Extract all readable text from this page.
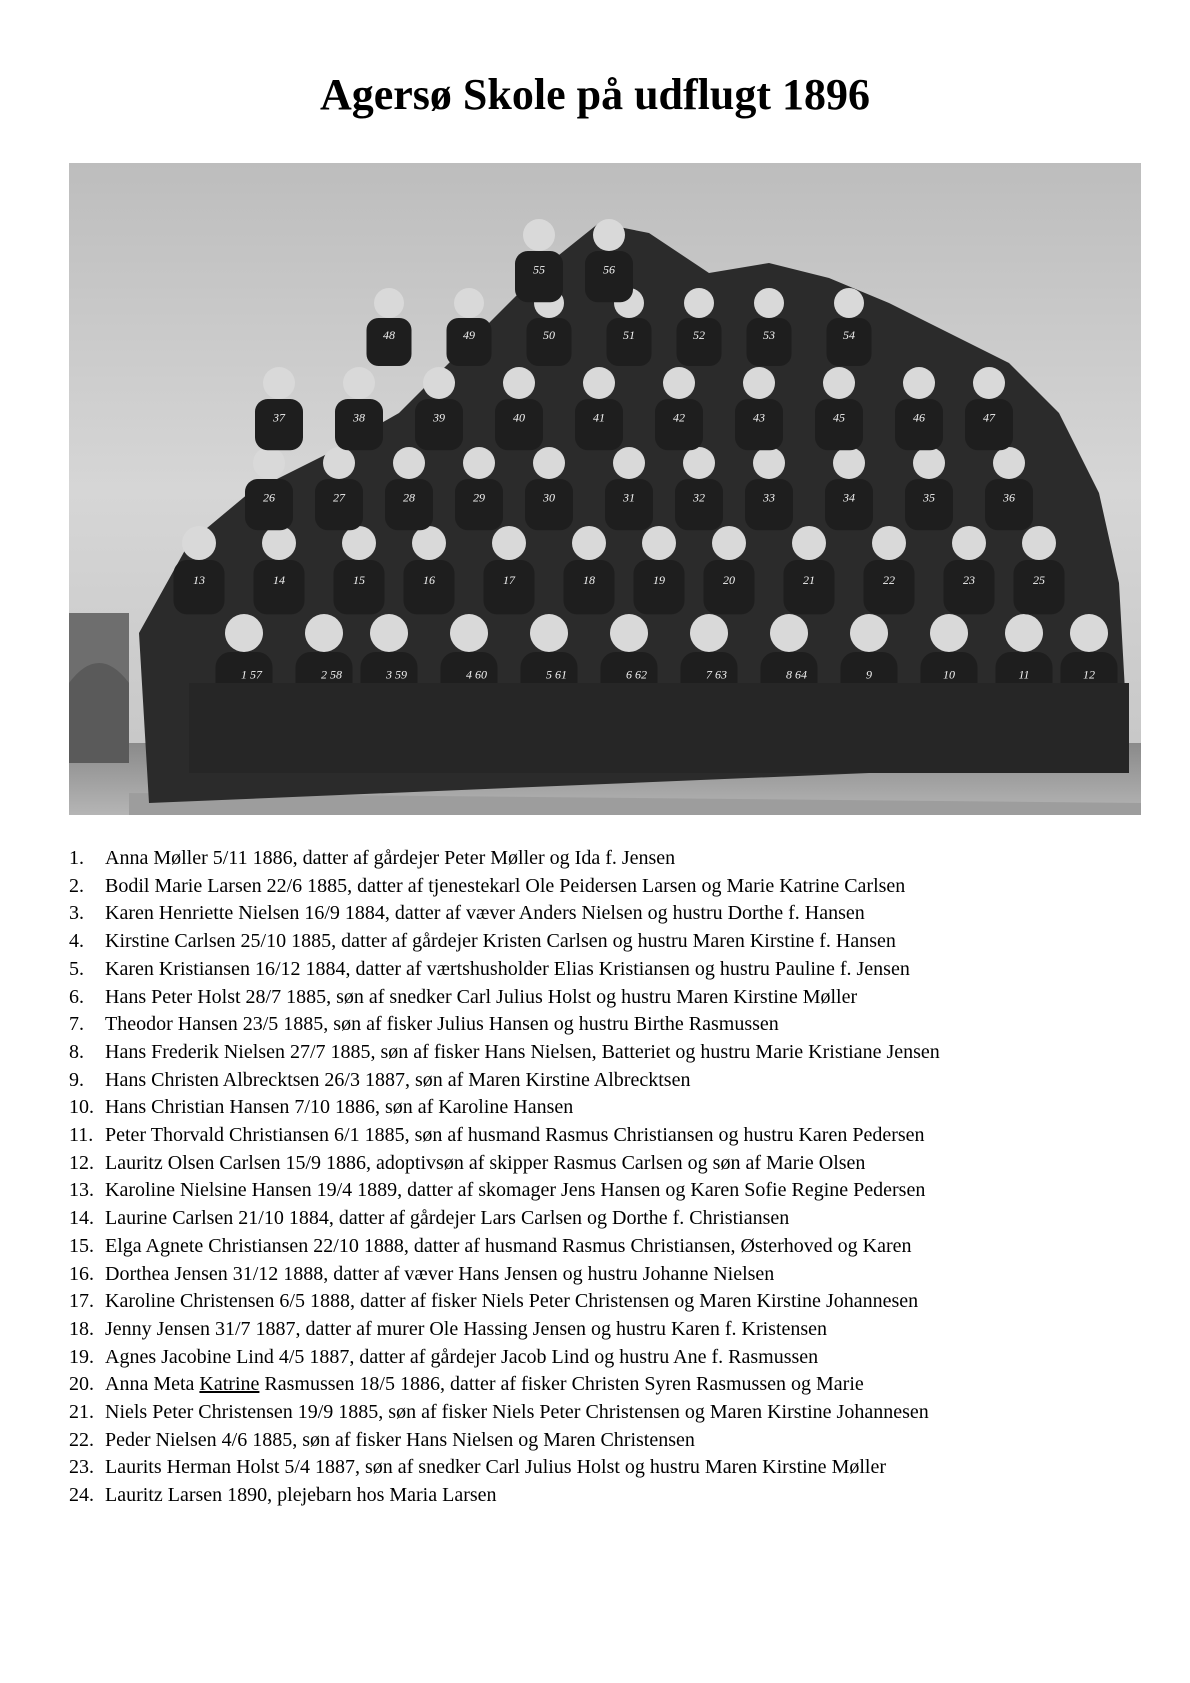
Agersø Skole på udflugt 1896
1	2	3	4	5	6	7	8	9	10	11	12
13	14	15	16	17	18	19	20	21	22	23	25
26	27	28	29	30	31	32	33	34	35	36
37	38	39	40	41	42	43	45	46	47
48	49	50	51	52	53	54
55	56
57	58	59	60	61	62	63	64
1.	Anna Møller 5/11 1886, datter af gårdejer Peter Møller og Ida f. Jensen
2.	Bodil Marie Larsen 22/6 1885, datter af tjenestekarl Ole Peidersen Larsen og Marie Katrine Carlsen
3.	Karen Henriette Nielsen 16/9 1884, datter af væver Anders Nielsen og hustru Dorthe f. Hansen
4.	Kirstine Carlsen 25/10 1885, datter af gårdejer Kristen Carlsen og hustru Maren Kirstine f. Hansen
5.	Karen Kristiansen 16/12 1884, datter af værtshusholder Elias Kristiansen og hustru Pauline f. Jensen
6.	Hans Peter Holst 28/7 1885, søn af snedker Carl Julius Holst og hustru Maren Kirstine Møller
7.	Theodor Hansen 23/5 1885, søn af fisker Julius Hansen og hustru Birthe Rasmussen
8.	Hans Frederik Nielsen 27/7 1885, søn af fisker Hans Nielsen, Batteriet og hustru Marie Kristiane Jensen
9.	Hans Christen Albrecktsen 26/3 1887, søn af Maren Kirstine Albrecktsen
10. Hans Christian Hansen 7/10 1886, søn af Karoline Hansen
11. Peter Thorvald Christiansen 6/1 1885, søn af husmand Rasmus Christiansen og hustru Karen Pedersen
12. Lauritz Olsen Carlsen 15/9 1886, adoptivsøn af skipper Rasmus Carlsen og søn af Marie Olsen
13. Karoline Nielsine Hansen 19/4 1889, datter af skomager Jens Hansen og Karen Sofie Regine Pedersen
14. Laurine Carlsen 21/10 1884, datter af gårdejer Lars Carlsen og Dorthe f. Christiansen
15. Elga Agnete Christiansen 22/10 1888, datter af husmand Rasmus Christiansen, Østerhoved og Karen
16. Dorthea Jensen 31/12 1888, datter af væver Hans Jensen og hustru Johanne Nielsen
17. Karoline Christensen 6/5 1888, datter af fisker Niels Peter Christensen og Maren Kirstine Johannesen
18. Jenny Jensen 31/7 1887, datter af murer Ole Hassing Jensen og hustru Karen f. Kristensen
19. Agnes Jacobine Lind 4/5 1887, datter af gårdejer Jacob Lind og hustru Ane f. Rasmussen
20. Anna Meta Katrine Rasmussen 18/5 1886, datter af fisker Christen Syren Rasmussen og Marie
21. Niels Peter Christensen 19/9 1885, søn af fisker Niels Peter Christensen og Maren Kirstine Johannesen
22. Peder Nielsen 4/6 1885, søn af fisker Hans Nielsen og Maren Christensen
23. Laurits Herman Holst 5/4 1887, søn af snedker Carl Julius Holst og hustru Maren Kirstine Møller
24. Lauritz Larsen 1890, plejebarn hos Maria Larsen
